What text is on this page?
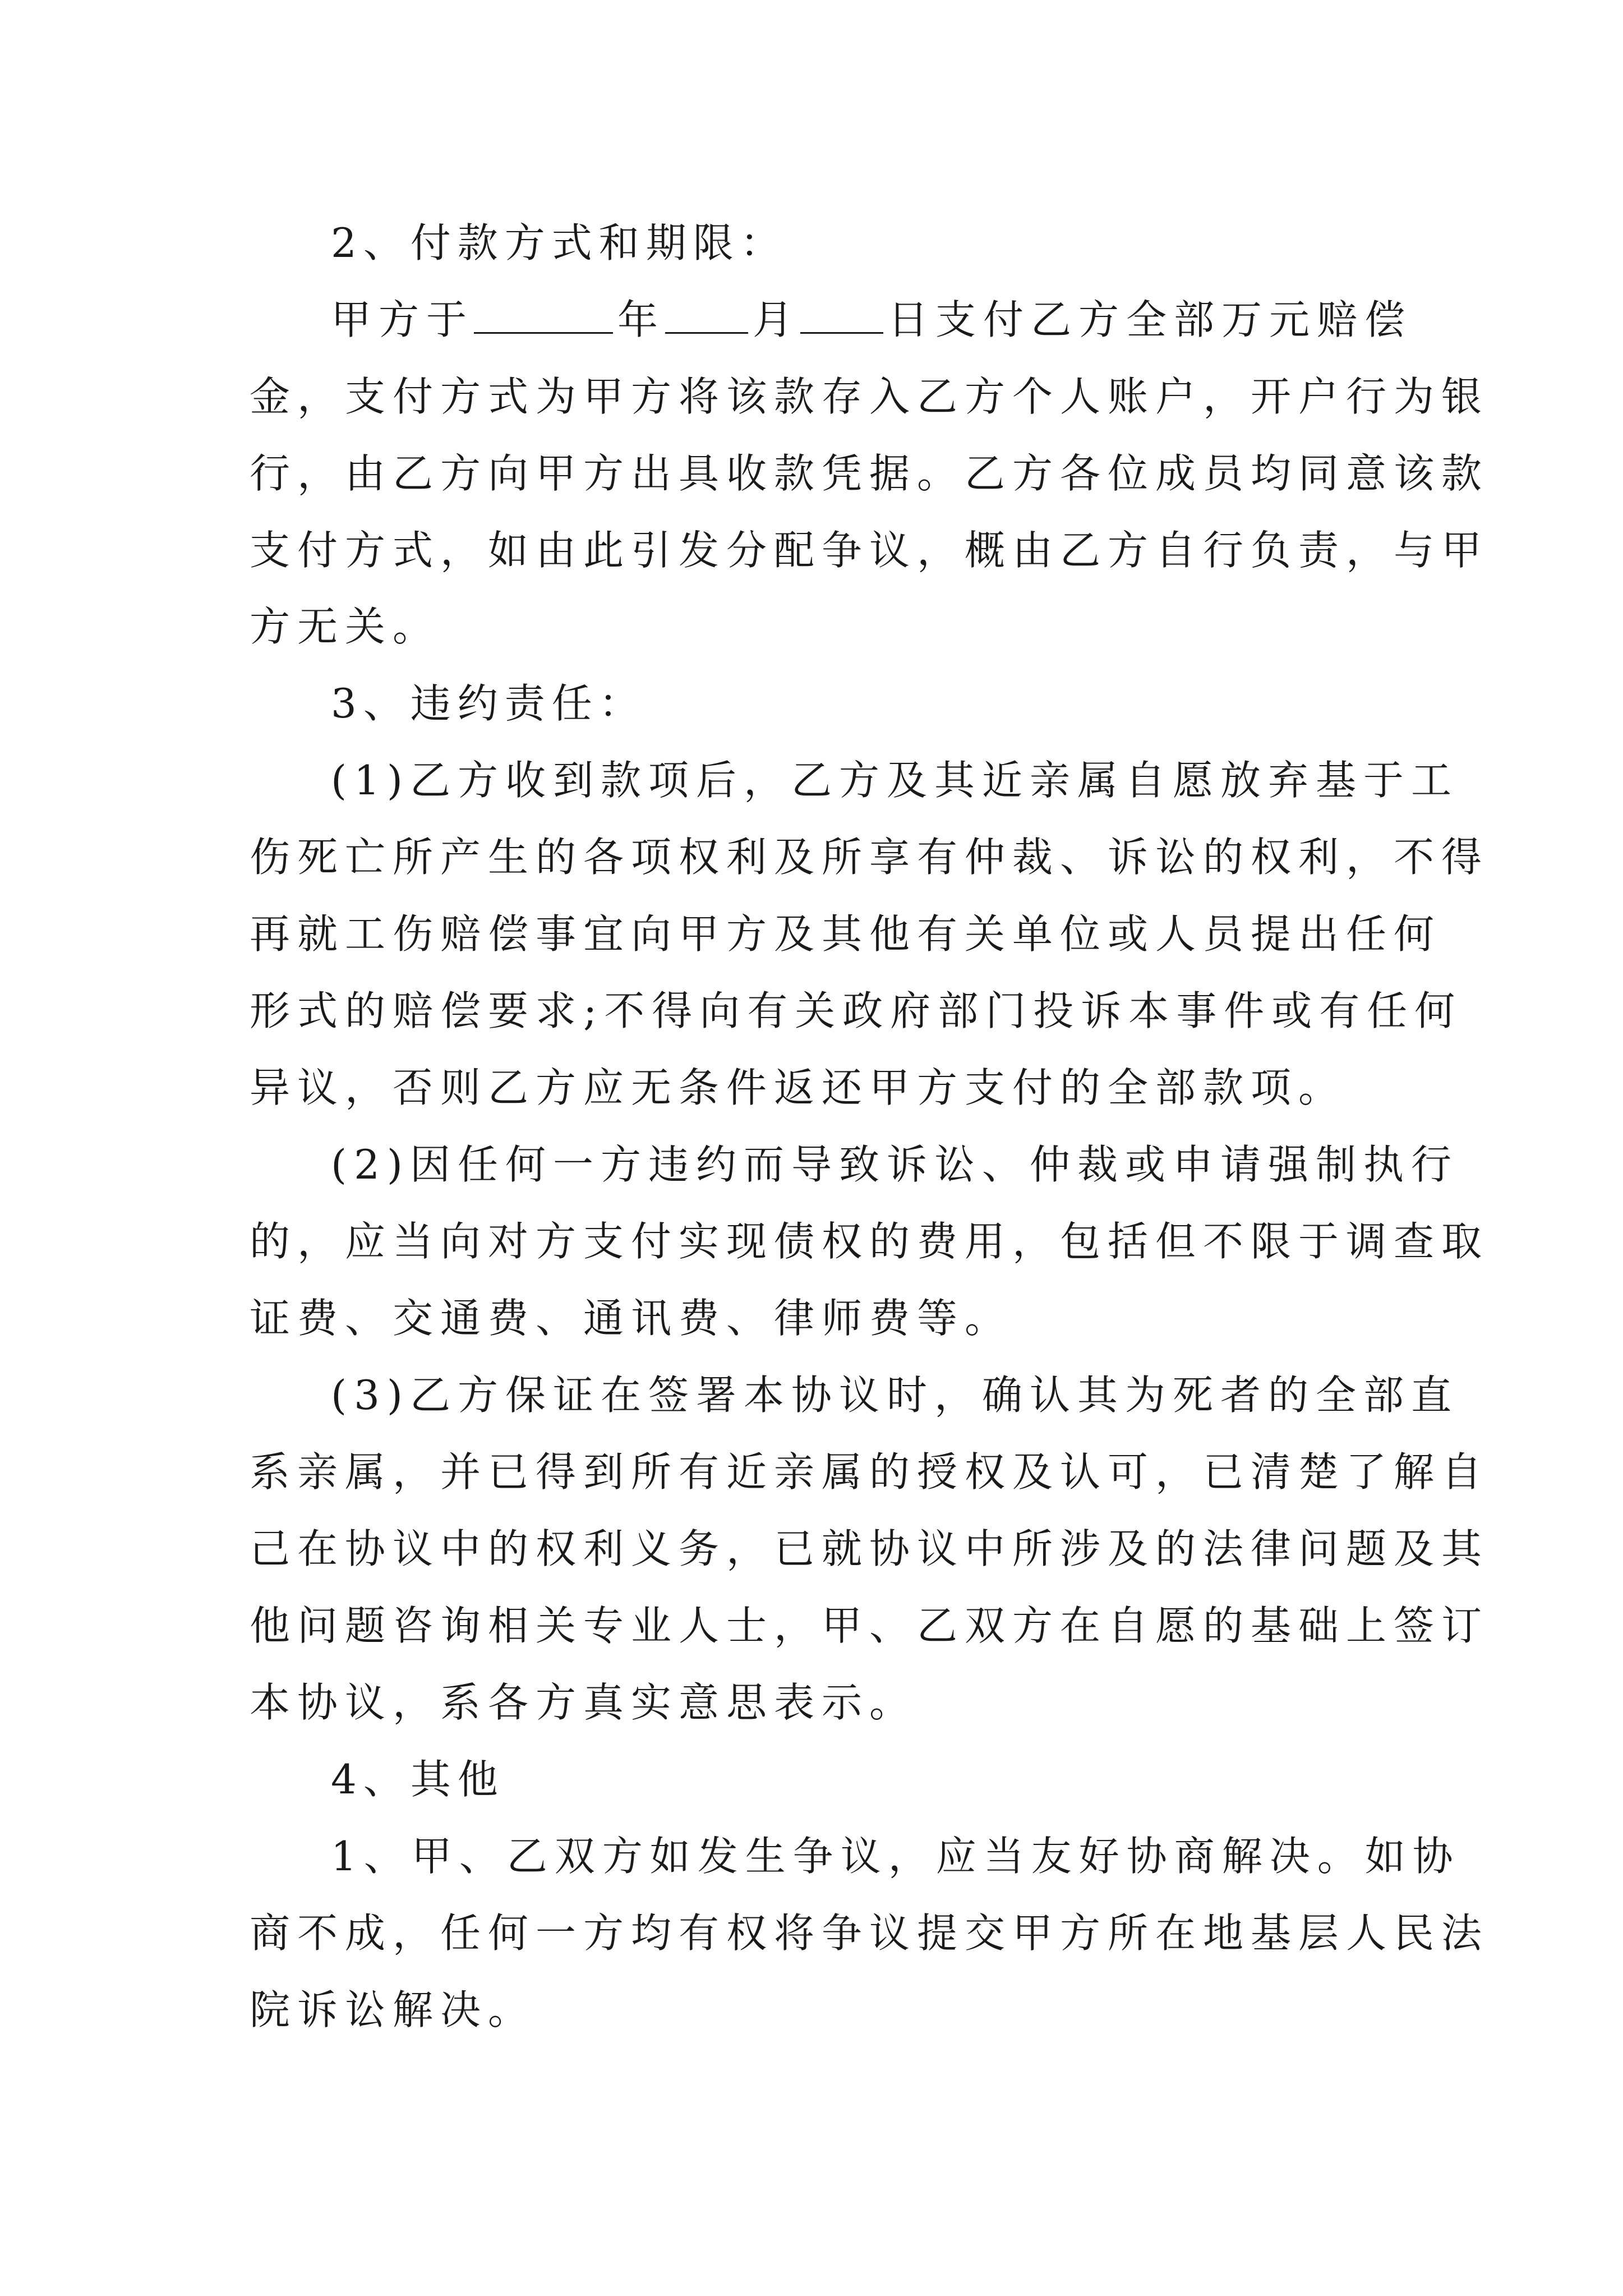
2、付款方式和期限：

甲方于	年 月 日支付乙方全部万元赔偿

金，支付方式为甲方将该款存入乙方个人账户，开户行为银

行，由乙方向甲方出具收款凭据。乙方各位成员均同意该款

支付方式，如由此引发分配争议，概由乙方自行负责，与甲

方无关。

3、违约责任：

(1)乙方收到款项后，乙方及其近亲属自愿放弃基于工

伤死亡所产生的各项权利及所享有仲裁、诉讼的权利，不得

再就工伤赔偿事宜向甲方及其他有关单位或人员提出任何

形式的赔偿要求;不得向有关政府部门投诉本事件或有任何

异议，否则乙方应无条件返还甲方支付的全部款项。

(2)因任何一方违约而导致诉讼、仲裁或申请强制执行

的，应当向对方支付实现债权的费用，包括但不限于调查取

证费、交通费、通讯费、律师费等。

(3)乙方保证在签署本协议时，确认其为死者的全部直

系亲属，并已得到所有近亲属的授权及认可，已清楚了解自

己在协议中的权利义务，已就协议中所涉及的法律问题及其

他问题咨询相关专业人士，甲、乙双方在自愿的基础上签订

本协议，系各方真实意思表示。

4、其他

1、甲、乙双方如发生争议，应当友好协商解决。如协

商不成，任何一方均有权将争议提交甲方所在地基层人民法

院诉讼解决。
